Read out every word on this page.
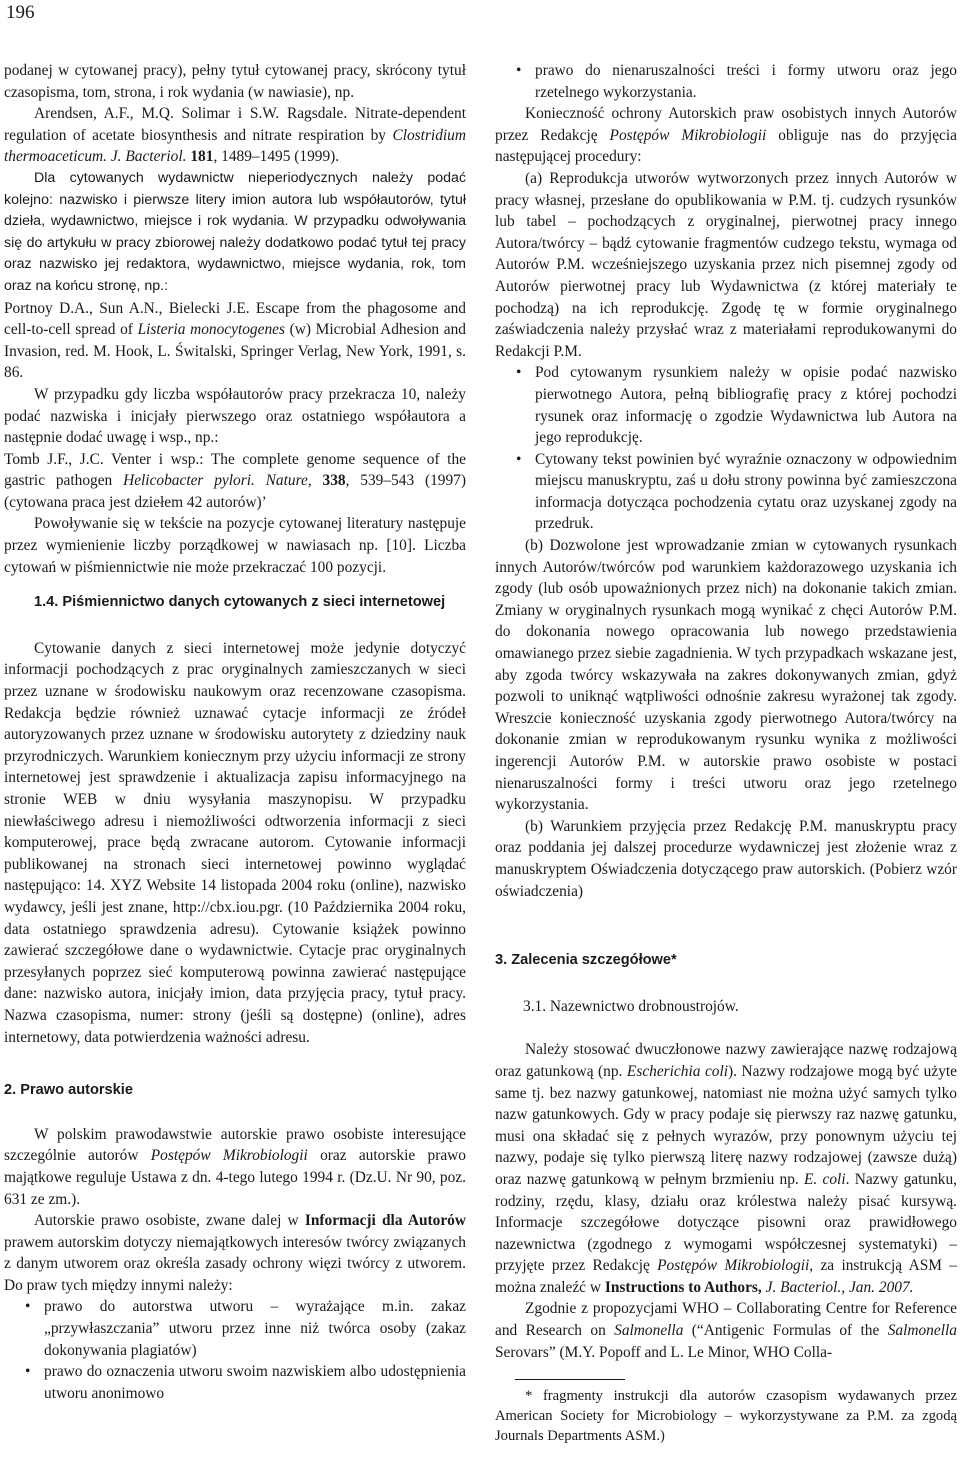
196

podanej w cytowanej pracy), pełny tytuł cytowanej pracy, skrócony tytuł czasopisma, tom, strona, i rok wydania (w nawiasie), np.

Arendsen, A.F., M.Q. Solimar i S.W. Ragsdale. Nitrate-dependent regulation of acetate biosynthesis and nitrate respiration by Clostridium thermoaceticum. J. Bacteriol. 181, 1489–1495 (1999).

Dla cytowanych wydawnictw nieperiodycznych należy podać kolejno: nazwisko i pierwsze litery imion autora lub współautorów, tytuł dzieła, wydawnictwo, miejsce i rok wydania. W przypadku odwoływania się do artykułu w pracy zbiorowej należy dodatkowo podać tytuł tej pracy oraz nazwisko jej redaktora, wydawnictwo, miejsce wydania, rok, tom oraz na końcu stronę, np.:

Portnoy D.A., Sun A.N., Bielecki J.E. Escape from the phagosome and cell-to-cell spread of Listeria monocytogenes (w) Microbial Adhesion and Invasion, red. M. Hook, L. Świtalski, Springer Verlag, New York, 1991, s. 86.

W przypadku gdy liczba współautorów pracy przekracza 10, należy podać nazwiska i inicjały pierwszego oraz ostatniego współautora a następnie dodać uwagę i wsp., np.:

Tomb J.F., J.C. Venter i wsp.: The complete genome sequence of the gastric pathogen Helicobacter pylori. Nature, 338, 539–543 (1997) (cytowana praca jest dziełem 42 autorów)’

Powoływanie się w tekście na pozycje cytowanej literatury następuje przez wymienienie liczby porządkowej w nawiasach np. [10]. Liczba cytowań w piśmiennictwie nie może przekraczać 100 pozycji.

1.4. Piśmiennictwo danych cytowanych z sieci internetowej

Cytowanie danych z sieci internetowej może jedynie dotyczyć informacji pochodzących z prac oryginalnych zamieszczanych w sieci przez uznane w środowisku naukowym oraz recenzowane czasopisma. Redakcja będzie również uznawać cytacje informacji ze źródeł autoryzowanych przez uznane w środowisku autorytety z dziedziny nauk przyrodniczych. Warunkiem koniecznym przy użyciu informacji ze strony internetowej jest sprawdzenie i aktualizacja zapisu informacyjnego na stronie WEB w dniu wysyłania maszynopisu. W przypadku niewłaściwego adresu i niemożliwości odtworzenia informacji z sieci komputerowej, prace będą zwracane autorom. Cytowanie informacji publikowanej na stronach sieci internetowej powinno wyglądać następująco: 14. XYZ Website 14 listopada 2004 roku (online), nazwisko wydawcy, jeśli jest znane, http://cbx.iou.pgr. (10 Października 2004 roku, data ostatniego sprawdzenia adresu). Cytowanie książek powinno zawierać szczegółowe dane o wydawnictwie. Cytacje prac oryginalnych przesyłanych poprzez sieć komputerową powinna zawierać następujące dane: nazwisko autora, inicjały imion, data przyjęcia pracy, tytuł pracy. Nazwa czasopisma, numer: strony (jeśli są dostępne) (online), adres internetowy, data potwierdzenia ważności adresu.

2. Prawo autorskie

W polskim prawodawstwie autorskie prawo osobiste interesujące szczególnie autorów Postępów Mikrobiologii oraz autorskie prawo majątkowe reguluje Ustawa z dn. 4-tego lutego 1994 r. (Dz.U. Nr 90, poz. 631 ze zm.).

Autorskie prawo osobiste, zwane dalej w Informacji dla Autorów prawem autorskim dotyczy niemajątkowych interesów twórcy związanych z danym utworem oraz określa zasady ochrony więzi twórcy z utworem. Do praw tych między innymi należy:

• prawo do autorstwa utworu – wyrażające m.in. zakaz „przywłaszczania” utworu przez inne niż twórca osoby (zakaz dokonywania plagiatów)
• prawo do oznaczenia utworu swoim nazwiskiem albo udostępnienia utworu anonimowo
• prawo do nienaruszalności treści i formy utworu oraz jego rzetelnego wykorzystania.

Konieczność ochrony Autorskich praw osobistych innych Autorów przez Redakcję Postępów Mikrobiologii obliguje nas do przyjęcia następującej procedury:

(a) Reprodukcja utworów wytworzonych przez innych Autorów w pracy własnej, przesłane do opublikowania w P.M. tj. cudzych rysunków lub tabel – pochodzących z oryginalnej, pierwotnej pracy innego Autora/twórcy – bądź cytowanie fragmentów cudzego tekstu, wymaga od Autorów P.M. wcześniejszego uzyskania przez nich pisemnej zgody od Autorów pierwotnej pracy lub Wydawnictwa (z której materiały te pochodzą) na ich reprodukcję. Zgodę tę w formie oryginalnego zaświadczenia należy przysłać wraz z materiałami reprodukowanymi do Redakcji P.M.

• Pod cytowanym rysunkiem należy w opisie podać nazwisko pierwotnego Autora, pełną bibliografię pracy z której pochodzi rysunek oraz informację o zgodzie Wydawnictwa lub Autora na jego reprodukcję.
• Cytowany tekst powinien być wyraźnie oznaczony w odpowiednim miejscu manuskryptu, zaś u dołu strony powinna być zamieszczona informacja dotycząca pochodzenia cytatu oraz uzyskanej zgody na przedruk.

(b) Dozwolone jest wprowadzanie zmian w cytowanych rysunkach innych Autorów/twórców pod warunkiem każdorazowego uzyskania ich zgody (lub osób upoważnionych przez nich) na dokonanie takich zmian. Zmiany w oryginalnych rysunkach mogą wynikać z chęci Autorów P.M. do dokonania nowego opracowania lub nowego przedstawienia omawianego przez siebie zagadnienia. W tych przypadkach wskazane jest, aby zgoda twórcy wskazywała na zakres dokonywanych zmian, gdyż pozwoli to uniknąć wątpliwości odnośnie zakresu wyrażonej tak zgody. Wreszcie konieczność uzyskania zgody pierwotnego Autora/twórcy na dokonanie zmian w reprodukowanym rysunku wynika z możliwości ingerencji Autorów P.M. w autorskie prawo osobiste w postaci nienaruszalności formy i treści utworu oraz jego rzetelnego wykorzystania.

(b) Warunkiem przyjęcia przez Redakcję P.M. manuskryptu pracy oraz poddania jej dalszej procedurze wydawniczej jest złożenie wraz z manuskryptem Oświadczenia dotyczącego praw autorskich. (Pobierz wzór oświadczenia)

3. Zalecenia szczegółowe*

3.1. Nazewnictwo drobnoustrojów.

Należy stosować dwuczłonowe nazwy zawierające nazwę rodzajową oraz gatunkową (np. Escherichia coli). Nazwy rodzajowe mogą być użyte same tj. bez nazwy gatunkowej, natomiast nie można użyć samych tylko nazw gatunkowych. Gdy w pracy podaje się pierwszy raz nazwę gatunku, musi ona składać się z pełnych wyrazów, przy ponownym użyciu tej nazwy, podaje się tylko pierwszą literę nazwy rodzajowej (zawsze dużą) oraz nazwę gatunkową w pełnym brzmieniu np. E. coli. Nazwy gatunku, rodziny, rzędu, klasy, działu oraz królestwa należy pisać kursywą. Informacje szczegółowe dotyczące pisowni oraz prawidłowego nazewnictwa (zgodnego z wymogami współczesnej systematyki) – przyjęte przez Redakcję Postępów Mikrobiologii, za instrukcją ASM – można znaleźć w Instructions to Authors, J. Bacteriol., Jan. 2007.

Zgodnie z propozycjami WHO – Collaborating Centre for Reference and Research on Salmonella (“Antigenic Formulas of the Salmonella Serovars” (M.Y. Popoff and L. Le Minor, WHO Colla-

* fragmenty instrukcji dla autorów czasopism wydawanych przez American Society for Microbiology – wykorzystywane za P.M. za zgodą Journals Departments ASM.)
